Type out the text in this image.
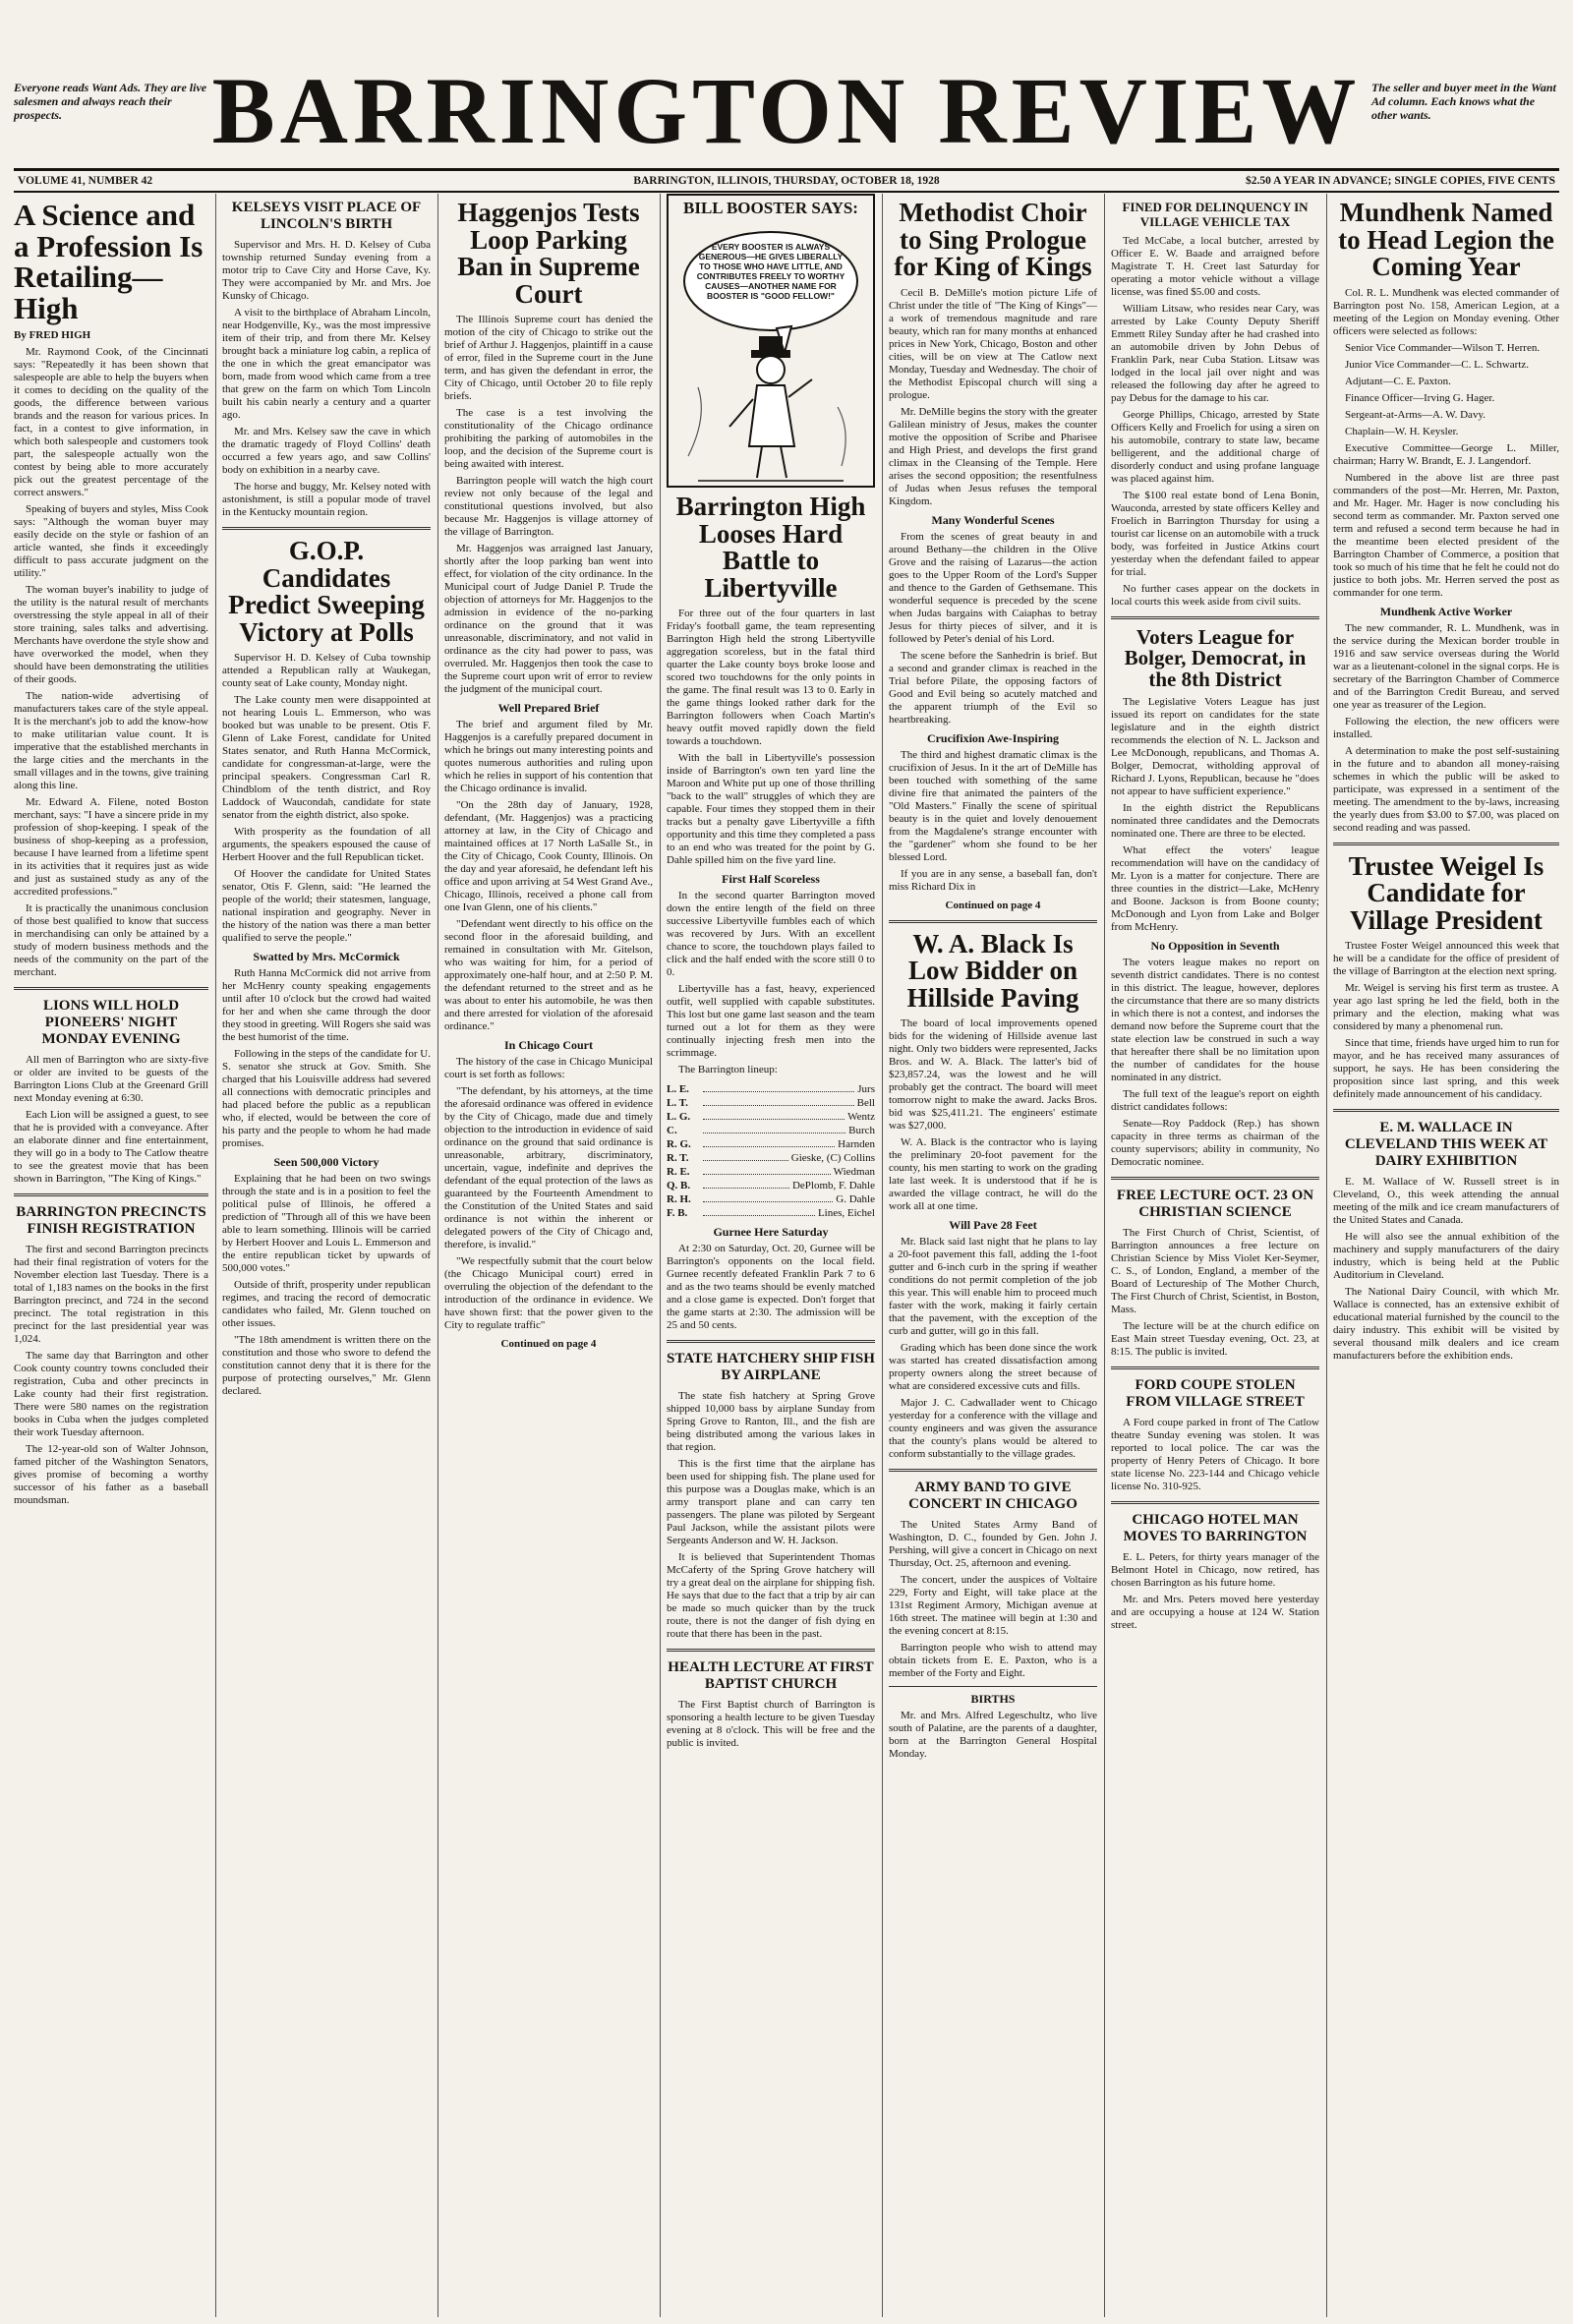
Everyone reads Want Ads. They are live salesmen and always reach their prospects.	BARRINGTON REVIEW The seller and buyer meet in the Want Ad column. Each knows what the other wants.
VOLUME 41, NUMBER 42	BARRINGTON, ILLINOIS, THURSDAY, OCTOBER 18, 1928	$2.50 A YEAR IN ADVANCE; SINGLE COPIES, FIVE CENTS
A Science and a Profession Is Retailing—High
By FRED HIGH

Mr. Raymond Cook, of the Cincinnati says: "Repeatedly it has been shown that salespeople are able to help the buyers when it comes to deciding on the quality of the goods, the difference between various brands and the reason for various prices. In fact, in a contest to give information, in which both salespeople and customers took part, the salespeople actually won the contest by being able to more accurately pick out the greatest percentage of the correct answers."

Speaking of buyers and styles, Miss Cook says: "Although the woman buyer may easily decide on the style or fashion of an article wanted, she finds it exceedingly difficult to pass accurate judgment on the utility."

The woman buyer's inability to judge of the utility is the natural result of merchants overstressing the style appeal in all of their store training, sales talks and advertising. Merchants have overdone the style show and have overworked the model, when they should have been demonstrating the utilities of their goods.

The nation-wide advertising of manufacturers takes care of the style appeal. It is the merchant's job to add the know-how to make utilitarian value count. It is imperative that the established merchants in the large cities and the merchants in the small villages and in the towns, give training along this line.

Mr. Edward A. Filene, noted Boston merchant, says: "I have a sincere pride in my profession of shop-keeping. I speak of the business of shop-keeping as a profession, because I have learned from a lifetime spent in its activities that it requires just as wide and just as sustained study as any of the accredited professions."

It is practically the unanimous conclusion of those best qualified to know that success in merchandising can only be attained by a study of modern business methods and the needs of the community on the part of the merchant.

LIONS WILL HOLD PIONEERS' NIGHT MONDAY EVENING

All men of Barrington who are sixty-five or older are invited to be guests of the Barrington Lions Club at the Greenard Grill next Monday evening at 6:30.

Each Lion will be assigned a guest, to see that he is provided with a conveyance. After an elaborate dinner and fine entertainment, they will go in a body to The Catlow theatre to see the greatest movie that has been shown in Barrington, "The King of Kings."

BARRINGTON PRECINCTS FINISH REGISTRATION

The first and second Barrington precincts had their final registration of voters for the November election last Tuesday. There is a total of 1,183 names on the books in the first Barrington precinct, and 724 in the second precinct. The total registration in this precinct for the last presidential year was 1,024.

The same day that Barrington and other Cook county country towns concluded their registration, Cuba and other precincts in Lake county had their first registration. There were 580 names on the registration books in Cuba when the judges completed their work Tuesday afternoon.

The 12-year-old son of Walter Johnson, famed pitcher of the Washington Senators, gives promise of becoming a worthy successor of his father as a baseball moundsman.

KELSEYS VISIT PLACE OF LINCOLN'S BIRTH

Supervisor and Mrs. H. D. Kelsey of Cuba township returned Sunday evening from a motor trip to Cave City and Horse Cave, Ky. They were accompanied by Mr. and Mrs. Joe Kunsky of Chicago.

A visit to the birthplace of Abraham Lincoln, near Hodgenville, Ky., was the most impressive item of their trip, and from there Mr. Kelsey brought back a miniature log cabin, a replica of the one in which the great emancipator was born, made from wood which came from a tree that grew on the farm on which Tom Lincoln built his cabin nearly a century and a quarter ago.

Mr. and Mrs. Kelsey saw the cave in which the dramatic tragedy of Floyd Collins' death occurred a few years ago, and saw Collins' body on exhibition in a nearby cave.

The horse and buggy, Mr. Kelsey noted with astonishment, is still a popular mode of travel in the Kentucky mountain region.

G.O.P. Candidates Predict Sweeping Victory at Polls

Supervisor H. D. Kelsey of Cuba township attended a Republican rally at Waukegan, county seat of Lake county, Monday night.

The Lake county men were disappointed at not hearing Louis L. Emmerson, who was booked but was unable to be present. Otis F. Glenn of Lake Forest, candidate for United States senator, and Ruth Hanna McCormick, candidate for congressman-at-large, were the principal speakers. Congressman Carl R. Chindblom of the tenth district, and Roy Laddock of Waucondah, candidate for state senator from the eighth district, also spoke.

With prosperity as the foundation of all arguments, the speakers espoused the cause of Herbert Hoover and the full Republican ticket.

Of Hoover the candidate for United States senator, Otis F. Glenn, said: "He learned the people of the world; their statesmen, language, national inspiration and geography. Never in the history of the nation was there a man better qualified to serve the people."

Swatted by Mrs. McCormick

Ruth Hanna McCormick did not arrive from her McHenry county speaking engagements until after 10 o'clock but the crowd had waited for her and when she came through the door they stood in greeting. Will Rogers she said was the best humorist of the time.

Following in the steps of the candidate for U. S. senator she struck at Gov. Smith. She charged that his Louisville address had severed all connections with democratic principles and had placed before the public as a republican who, if elected, would be between the core of his party and the people to whom he had made promises.

Seen 500,000 Victory

Explaining that he had been on two swings through the state and is in a position to feel the political pulse of Illinois, he offered a prediction of "Through all of this we have been able to learn something. Illinois will be carried by Herbert Hoover and Louis L. Emmerson and the entire republican ticket by upwards of 500,000 votes."

Outside of thrift, prosperity under republican regimes, and tracing the record of democratic candidates who failed, Mr. Glenn touched on other issues.

"The 18th amendment is written there on the constitution and those who swore to defend the constitution cannot deny that it is there for the purpose of protecting ourselves," Mr. Glenn declared.

Haggenjos Tests Loop Parking Ban in Supreme Court

The Illinois Supreme court has denied the motion of the city of Chicago to strike out the brief of Arthur J. Haggenjos, plaintiff in a cause of error, filed in the Supreme court in the June term, and has given the defendant in error, the City of Chicago, until October 20 to file reply briefs.

The case is a test involving the constitutionality of the Chicago ordinance prohibiting the parking of automobiles in the loop, and the decision of the Supreme court is being awaited with interest.

Barrington people will watch the high court review not only because of the legal and constitutional questions involved, but also because Mr. Haggenjos is village attorney of the village of Barrington.

Mr. Haggenjos was arraigned last January, shortly after the loop parking ban went into effect, for violation of the city ordinance. In the Municipal court of Judge Daniel P. Trude the objection of attorneys for Mr. Haggenjos to the admission in evidence of the no-parking ordinance on the ground that it was unreasonable, discriminatory, and not valid in ordinance as the city had power to pass, was overruled. Mr. Haggenjos then took the case to the Supreme court upon writ of error to review the judgment of the municipal court.

Well Prepared Brief

The brief and argument filed by Mr. Haggenjos is a carefully prepared document in which he brings out many interesting points and quotes numerous authorities and ruling upon which he relies in support of his contention that the Chicago ordinance is invalid.

"On the 28th day of January, 1928, defendant, (Mr. Haggenjos) was a practicing attorney at law, in the City of Chicago and maintained offices at 17 North LaSalle St., in the City of Chicago, Cook County, Illinois. On the day and year aforesaid, he defendant left his office and upon arriving at 54 West Grand Ave., Chicago, Illinois, received a phone call from one Ivan Glenn, one of his clients."

"Defendant went directly to his office on the second floor in the aforesaid building, and remained in consultation with Mr. Gitelson, who was waiting for him, for a period of approximately one-half hour, and at 2:50 P. M. the defendant returned to the street and as he was about to enter his automobile, he was then and there arrested for violation of the aforesaid ordinance."

In Chicago Court

The history of the case in Chicago Municipal court is set forth as follows:

"The defendant, by his attorneys, at the time the aforesaid ordinance was offered in evidence by the City of Chicago, made due and timely objection to the introduction in evidence of said ordinance on the ground that said ordinance is unreasonable, arbitrary, discriminatory, uncertain, vague, indefinite and deprives the defendant of the equal protection of the laws as guaranteed by the Fourteenth Amendment to the Constitution of the United States and said ordinance is not within the inherent or delegated powers of the City of Chicago and, therefore, is invalid."

"We respectfully submit that the court below (the Chicago Municipal court) erred in overruling the objection of the defendant to the introduction of the ordinance in evidence. We have shown first: that the power given to the City to regulate traffic"

Continued on page 4
BILL BOOSTER SAYS:
EVERY BOOSTER IS ALWAYS GENEROUS—HE GIVES LIBERALLY TO THOSE WHO HAVE LITTLE, AND CONTRIBUTES FREELY TO WORTHY CAUSES—ANOTHER NAME FOR BOOSTER IS "GOOD FELLOW!"
Barrington High Looses Hard Battle to Libertyville

For three out of the four quarters in last Friday's football game, the team representing Barrington High held the strong Libertyville aggregation scoreless, but in the fatal third quarter the Lake county boys broke loose and scored two touchdowns for the only points in the game. The final result was 13 to 0. Early in the game things looked rather dark for the Barrington followers when Coach Martin's heavy outfit moved rapidly down the field towards a touchdown.

With the ball in Libertyville's possession inside of Barrington's own ten yard line the Maroon and White put up one of those thrilling "back to the wall" struggles of which they are capable. Four times they stopped them in their tracks but a penalty gave Libertyville a fifth opportunity and this time they completed a pass to an end who was treated for the point by G. Dahle spilled him on the five yard line.

First Half Scoreless

In the second quarter Barrington moved down the entire length of the field on three successive Libertyville fumbles each of which was recovered by Jurs. With an excellent chance to score, the touchdown plays failed to click and the half ended with the score still 0 to 0.

Libertyville has a fast, heavy, experienced outfit, well supplied with capable substitutes. This lost but one game last season and the team turned out a lot for them as they were continually injecting fresh men into the scrimmage.

The Barrington lineup:

L. E.	Jurs
L. T.	Bell
L. G.	Wentz
C.	Burch
R. G.	Harnden
R. T.	Gieske, (C) Collins
R. E.	Wiedman
Q. B.	DePlomb, F. Dahle
R. H.	G. Dahle
F. B.	Lines, Eichel
Gurnee Here Saturday

At 2:30 on Saturday, Oct. 20, Gurnee will be Barrington's opponents on the local field. Gurnee recently defeated Franklin Park 7 to 6 and as the two teams should be evenly matched and a close game is expected. Don't forget that the game starts at 2:30. The admission will be 25 and 50 cents.

STATE HATCHERY SHIP FISH BY AIRPLANE

The state fish hatchery at Spring Grove shipped 10,000 bass by airplane Sunday from Spring Grove to Ranton, Ill., and the fish are being distributed among the various lakes in that region.

This is the first time that the airplane has been used for shipping fish. The plane used for this purpose was a Douglas make, which is an army transport plane and can carry ten passengers. The plane was piloted by Sergeant Paul Jackson, while the assistant pilots were Sergeants Anderson and W. H. Jackson.

It is believed that Superintendent Thomas McCaferty of the Spring Grove hatchery will try a great deal on the airplane for shipping fish. He says that due to the fact that a trip by air can be made so much quicker than by the truck route, there is not the danger of fish dying en route that there has been in the past.

HEALTH LECTURE AT FIRST BAPTIST CHURCH

The First Baptist church of Barrington is sponsoring a health lecture to be given Tuesday evening at 8 o'clock. This will be free and the public is invited.

Methodist Choir to Sing Prologue for King of Kings

Cecil B. DeMille's motion picture Life of Christ under the title of "The King of Kings"—a work of tremendous magnitude and rare beauty, which ran for many months at enhanced prices in New York, Chicago, Boston and other cities, will be on view at The Catlow next Monday, Tuesday and Wednesday. The choir of the Methodist Episcopal church will sing a prologue.

Mr. DeMille begins the story with the greater Galilean ministry of Jesus, makes the counter motive the opposition of Scribe and Pharisee and High Priest, and develops the first grand climax in the Cleansing of the Temple. Here arises the second opposition; the resentfulness of Judas when Jesus refuses the temporal Kingdom.

Many Wonderful Scenes

From the scenes of great beauty in and around Bethany—the children in the Olive Grove and the raising of Lazarus—the action goes to the Upper Room of the Lord's Supper and thence to the Garden of Gethsemane. This wonderful sequence is preceded by the scene when Judas bargains with Caiaphas to betray Jesus for thirty pieces of silver, and it is followed by Peter's denial of his Lord.

The scene before the Sanhedrin is brief. But a second and grander climax is reached in the Trial before Pilate, the opposing factors of Good and Evil being so acutely matched and the apparent triumph of the Evil so heartbreaking.

Crucifixion Awe-Inspiring

The third and highest dramatic climax is the crucifixion of Jesus. In it the art of DeMille has been touched with something of the same divine fire that animated the painters of the "Old Masters." Finally the scene of spiritual beauty is in the quiet and lovely denouement from the Magdalene's strange encounter with the "gardener" whom she found to be her blessed Lord.

If you are in any sense, a baseball fan, don't miss Richard Dix in

Continued on page 4
W. A. Black Is Low Bidder on Hillside Paving

The board of local improvements opened bids for the widening of Hillside avenue last night. Only two bidders were represented, Jacks Bros. and W. A. Black. The latter's bid of $23,857.24, was the lowest and he will probably get the contract. The board will meet tomorrow night to make the award. Jacks Bros. bid was $25,411.21. The engineers' estimate was $27,000.

W. A. Black is the contractor who is laying the preliminary 20-foot pavement for the county, his men starting to work on the grading late last week. It is understood that if he is awarded the village contract, he will do the work all at one time.

Will Pave 28 Feet

Mr. Black said last night that he plans to lay a 20-foot pavement this fall, adding the 1-foot gutter and 6-inch curb in the spring if weather conditions do not permit completion of the job this year. This will enable him to proceed much faster with the work, making it fairly certain that the pavement, with the exception of the curb and gutter, will go in this fall.

Grading which has been done since the work was started has created dissatisfaction among property owners along the street because of what are considered excessive cuts and fills.

Major J. C. Cadwallader went to Chicago yesterday for a conference with the village and county engineers and was given the assurance that the county's plans would be altered to conform substantially to the village grades.

ARMY BAND TO GIVE CONCERT IN CHICAGO

The United States Army Band of Washington, D. C., founded by Gen. John J. Pershing, will give a concert in Chicago on next Thursday, Oct. 25, afternoon and evening.

The concert, under the auspices of Voltaire 229, Forty and Eight, will take place at the 131st Regiment Armory, Michigan avenue at 16th street. The matinee will begin at 1:30 and the evening concert at 8:15.

Barrington people who wish to attend may obtain tickets from E. E. Paxton, who is a member of the Forty and Eight.

BIRTHS

Mr. and Mrs. Alfred Legeschultz, who live south of Palatine, are the parents of a daughter, born at the Barrington General Hospital Monday.

FINED FOR DELINQUENCY IN VILLAGE VEHICLE TAX

Ted McCabe, a local butcher, arrested by Officer E. W. Baade and arraigned before Magistrate T. H. Creet last Saturday for operating a motor vehicle without a village license, was fined $5.00 and costs.

William Litsaw, who resides near Cary, was arrested by Lake County Deputy Sheriff Emmett Riley Sunday after he had crashed into an automobile driven by John Debus of Franklin Park, near Cuba Station. Litsaw was lodged in the local jail over night and was released the following day after he agreed to pay Debus for the damage to his car.

George Phillips, Chicago, arrested by State Officers Kelly and Froelich for using a siren on his automobile, contrary to state law, became belligerent, and the additional charge of disorderly conduct and using profane language was placed against him.

The $100 real estate bond of Lena Bonin, Wauconda, arrested by state officers Kelley and Froelich in Barrington Thursday for using a tourist car license on an automobile with a truck body, was forfeited in Justice Atkins court yesterday when the defendant failed to appear for trial.

No further cases appear on the dockets in local courts this week aside from civil suits.

Voters League for Bolger, Democrat, in the 8th District

The Legislative Voters League has just issued its report on candidates for the state legislature and in the eighth district recommends the election of N. L. Jackson and Lee McDonough, republicans, and Thomas A. Bolger, Democrat, witholding approval of Richard J. Lyons, Republican, because he "does not appear to have sufficient experience."

In the eighth district the Republicans nominated three candidates and the Democrats nominated one. There are three to be elected.

What effect the voters' league recommendation will have on the candidacy of Mr. Lyon is a matter for conjecture. There are three counties in the district—Lake, McHenry and Boone. Jackson is from Boone county; McDonough and Lyon from Lake and Bolger from McHenry.

No Opposition in Seventh

The voters league makes no report on seventh district candidates. There is no contest in this district. The league, however, deplores the circumstance that there are so many districts in which there is not a contest, and indorses the demand now before the Supreme court that the state election law be construed in such a way that hereafter there shall be no limitation upon the number of candidates for the house nominated in any district.

The full text of the league's report on eighth district candidates follows:

Senate—Roy Paddock (Rep.) has shown capacity in three terms as chairman of the county supervisors; ability in community, No Democratic nominee.

FREE LECTURE OCT. 23 ON CHRISTIAN SCIENCE

The First Church of Christ, Scientist, of Barrington announces a free lecture on Christian Science by Miss Violet Ker-Seymer, C. S., of London, England, a member of the Board of Lectureship of The Mother Church, The First Church of Christ, Scientist, in Boston, Mass.

The lecture will be at the church edifice on East Main street Tuesday evening, Oct. 23, at 8:15. The public is invited.

FORD COUPE STOLEN FROM VILLAGE STREET

A Ford coupe parked in front of The Catlow theatre Sunday evening was stolen. It was reported to local police. The car was the property of Henry Peters of Chicago. It bore state license No. 223-144 and Chicago vehicle license No. 310-925.

CHICAGO HOTEL MAN MOVES TO BARRINGTON

E. L. Peters, for thirty years manager of the Belmont Hotel in Chicago, now retired, has chosen Barrington as his future home.

Mr. and Mrs. Peters moved here yesterday and are occupying a house at 124 W. Station street.

Mundhenk Named to Head Legion the Coming Year

Col. R. L. Mundhenk was elected commander of Barrington post No. 158, American Legion, at a meeting of the Legion on Monday evening. Other officers were selected as follows:

Senior Vice Commander—Wilson T. Herren.

Junior Vice Commander—C. L. Schwartz.

Adjutant—C. E. Paxton.

Finance Officer—Irving G. Hager.

Sergeant-at-Arms—A. W. Davy.

Chaplain—W. H. Keysler.

Executive Committee—George L. Miller, chairman; Harry W. Brandt, E. J. Langendorf.

Numbered in the above list are three past commanders of the post—Mr. Herren, Mr. Paxton, and Mr. Hager. Mr. Hager is now concluding his second term as commander. Mr. Paxton served one term and refused a second term because he had in the meantime been elected president of the Barrington Chamber of Commerce, a position that took so much of his time that he felt he could not do justice to both jobs. Mr. Herren served the post as commander for one term.

Mundhenk Active Worker

The new commander, R. L. Mundhenk, was in the service during the Mexican border trouble in 1916 and saw service overseas during the World war as a lieutenant-colonel in the signal corps. He is secretary of the Barrington Chamber of Commerce and of the Barrington Credit Bureau, and served one year as treasurer of the Legion.

Following the election, the new officers were installed.

A determination to make the post self-sustaining in the future and to abandon all money-raising schemes in which the public will be asked to participate, was expressed in a sentiment of the meeting. The amendment to the by-laws, increasing the yearly dues from $3.00 to $7.00, was placed on second reading and was passed.

Trustee Weigel Is Candidate for Village President

Trustee Foster Weigel announced this week that he will be a candidate for the office of president of the village of Barrington at the election next spring.

Mr. Weigel is serving his first term as trustee. A year ago last spring he led the field, both in the primary and the election, making what was considered by many a phenomenal run.

Since that time, friends have urged him to run for mayor, and he has received many assurances of support, he says. He has been considering the proposition since last spring, and this week definitely made announcement of his candidacy.

E. M. WALLACE IN CLEVELAND THIS WEEK AT DAIRY EXHIBITION

E. M. Wallace of W. Russell street is in Cleveland, O., this week attending the annual meeting of the milk and ice cream manufacturers of the United States and Canada.

He will also see the annual exhibition of the machinery and supply manufacturers of the dairy industry, which is being held at the Public Auditorium in Cleveland.

The National Dairy Council, with which Mr. Wallace is connected, has an extensive exhibit of educational material furnished by the council to the dairy industry. This exhibit will be visited by several thousand milk dealers and ice cream manufacturers before the exhibition ends.
